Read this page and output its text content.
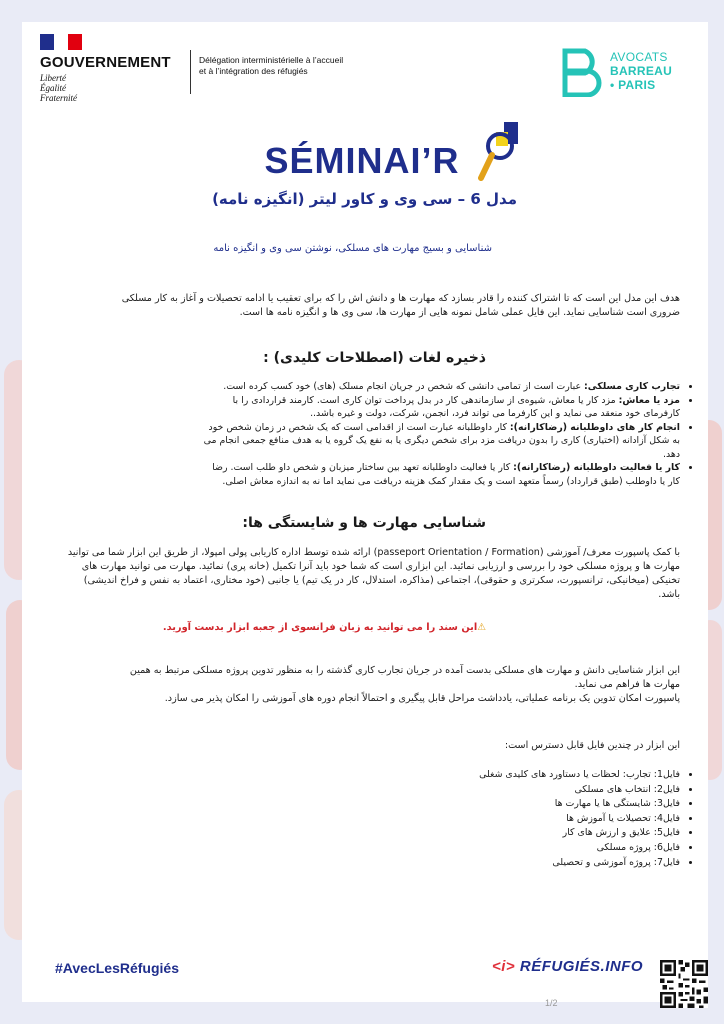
GOUVERNEMENT
Liberté
Égalité
Fraternité
Délégation interministérielle à l’accueil et à l’intégration des réfugiés
AVOCATS
BARREAU
• PARIS
SÉMINAI’R
مدل 6 – سی وی و کاور لیتر (انگیزه نامه)
شناسایی و بسیج مهارت های مسلکی، نوشتن سی وی و انگیزه نامه
هدف این مدل این است که تا اشتراک کننده را قادر بسازد که مهارت ها و دانش اش را که برای تعقیب یا ادامه تحصیلات و آغاز به کار مسلکی ضروری است شناسایی نماید. این فایل عملی شامل نمونه هایی از مهارت ها، سی وی ها و انگیزه نامه ها است.
ذخیره لغات (اصطلاحات کلیدی) :
• تجارب کاری مسلکی: عبارت است از تمامی دانشی که شخص در جریان انجام مسلک (های) خود کسب کرده است.
• مزد یا معاش: مزد کار یا معاش، شیوه‌ی از سازماندهی کار در بدل پرداخت توان کاری است. کارمند قراردادی را با کارفرمای خود منعقد می نماید و این کارفرما می تواند فرد، انجمن، شرکت، دولت و غیره باشد..
• انجام کار های داوطلبانه (رضاکارانه): کار داوطلبانه عبارت است از اقدامی است که یک شخص در زمان شخص خود به شکل آزادانه (اختیاری) کاری را بدون دریافت مزد برای شخص دیگری یا به نفع یک گروه یا به هدف منافع جمعی انجام می دهد.
• کار یا فعالیت داوطلبانه (رضاکارانه): کار یا فعالیت داوطلبانه تعهد بین ساختار میزبان و شخص داو طلب است. رضا کار یا داوطلب (طبق قرارداد) رسماً متعهد است و یک مقدار کمک هزینه دریافت می نماید اما نه به اندازه معاش اصلی.
شناسایی مهارت ها و شایستگی ها:
با کمک پاسپورت معرف/ آموزشی (passeport Orientation / Formation) ارائه شده توسط اداره کاریابی پولی امپولا، از طریق این ابزار شما می توانید مهارت ها و پروژه مسلکی خود را بررسی و ارزیابی نمائید. این ابزاری است که شما خود باید آنرا تکمیل (خانه پری) نمائید. مهارت می توانید مهارت های تخنیکی (میخانیکی، ترانسپورت، سکرتری و حقوقی)، اجتماعی (مذاکره، استدلال، کار در یک تیم) یا جانبی (خود مختاری، اعتماد به نفس و فراخ اندیشی) باشد.
⚠این سند را می توانید به زبان فرانسوی از جعبه ابزار بدست آورید.
این ابزار شناسایی دانش و مهارت های مسلکی بدست آمده در جریان تجارب کاری گذشته را به منظور تدوین پروژه مسلکی مرتبط به همین مهارت ها فراهم می نماید.
پاسپورت امکان تدوین یک برنامه عملیاتی، یادداشت مراحل قابل پیگیری و احتمالاً انجام دوره های آموزشی را امکان پذیر می سازد.
این ابزار در چندین فایل قابل دسترس است:
• فایل1: تجارب: لحظات یا دستاورد های کلیدی شغلی
• فایل2: انتخاب های مسلکی
• فایل3: شایستگی ها یا مهارت ها
• فایل4: تحصیلات یا آموزش ها
• فایل5: علایق و ارزش های کار
• فایل6: پروژه مسلکی
• فایل7: پروژه آموزشی و تحصیلی
#AvecLesRéfugiés	<i> RÉFUGIÉS.INFO
1/2
